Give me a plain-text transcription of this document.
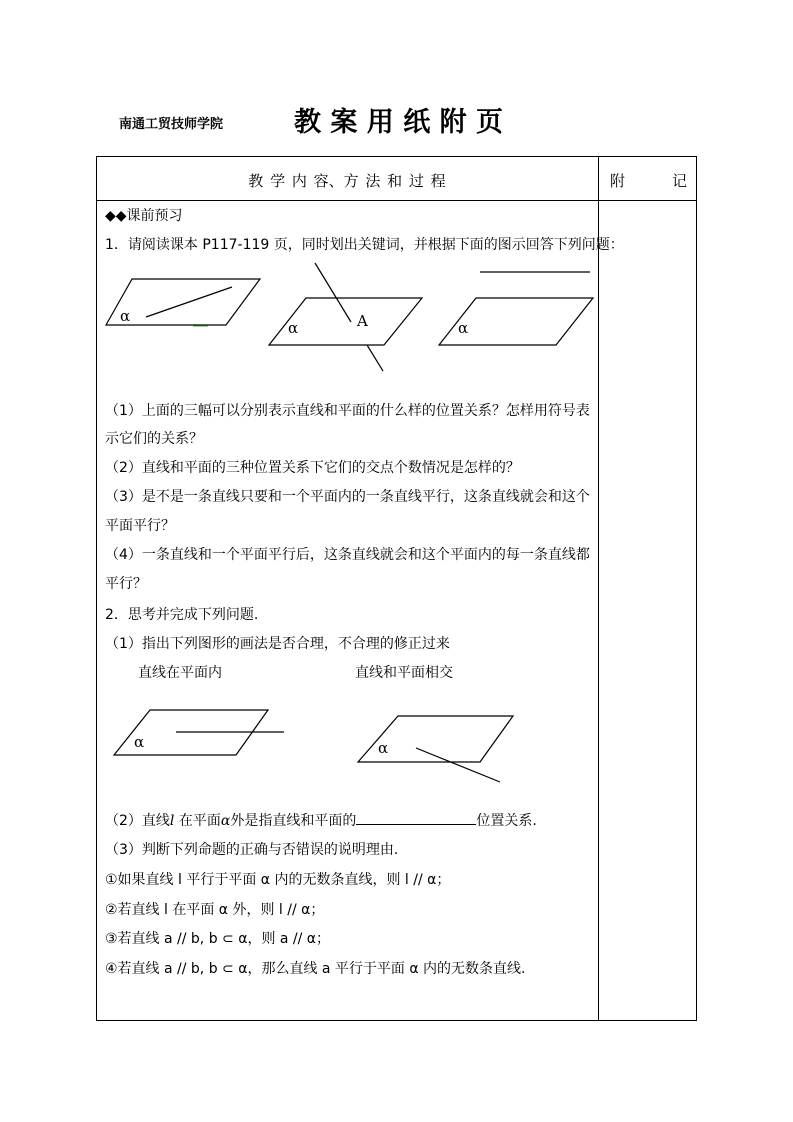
南通工贸技师学院	教 案 用 纸 附 页
教 学 内 容、方 法 和 过 程	附	记
◆◆课前预习
1．请阅读课本 P117-119 页，同时划出关键词，并根据下面的图示回答下列问题：
α
α	A	α
（1）上面的三幅可以分别表示直线和平面的什么样的位置关系？怎样用符号表
示它们的关系？
（2）直线和平面的三种位置关系下它们的交点个数情况是怎样的？
（3）是不是一条直线只要和一个平面内的一条直线平行，这条直线就会和这个
平面平行？
（4）一条直线和一个平面平行后，这条直线就会和这个平面内的每一条直线都
平行？
2．思考并完成下列问题.
（1）指出下列图形的画法是否合理，不合理的修正过来
直线在平面内	直线和平面相交
α	α
（2）直线l 在平面α外是指直线和平面的	位置关系.
（3）判断下列命题的正确与否错误的说明理由.
①如果直线 l 平行于平面 α 内的无数条直线，则 l // α；
②若直线 l 在平面 α 外，则 l // α；
③若直线 a // b, b ⊂ α，则 a // α；
④若直线 a // b, b ⊂ α，那么直线 a 平行于平面 α 内的无数条直线.
